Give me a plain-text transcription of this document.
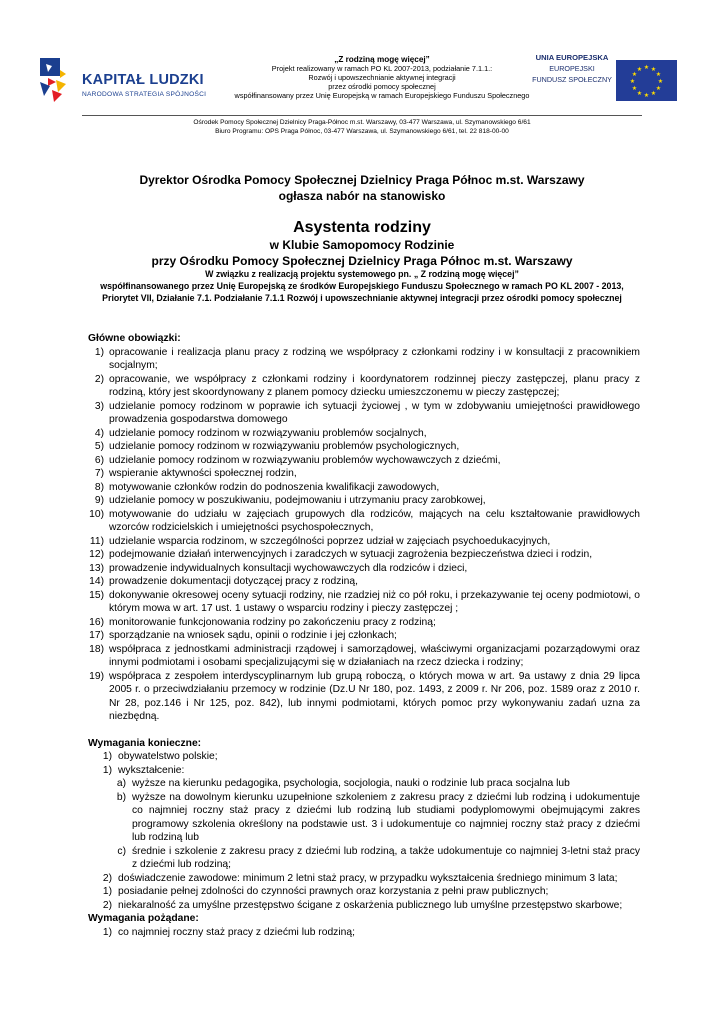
KAPITAŁ LUDZKI
NARODOWA STRATEGIA SPÓJNOŚCI
„Z rodziną mogę więcej”
Projekt realizowany w ramach PO KL 2007-2013, podziałanie 7.1.1.:
Rozwój i upowszechnianie aktywnej integracji
przez ośrodki pomocy społecznej
współfinansowany przez Unię Europejską w ramach Europejskiego Funduszu Społecznego
UNIA EUROPEJSKA
EUROPEJSKI
FUNDUSZ SPOŁECZNY
★ ★
★
★
★
★
★
★
★
★
★
★
Ośrodek Pomocy Społecznej Dzielnicy Praga-Północ m.st. Warszawy, 03-477 Warszawa, ul. Szymanowskiego 6/61
Biuro Programu: OPS Praga Północ, 03-477 Warszawa, ul. Szymanowskiego 6/61, tel. 22 818-00-00
Dyrektor Ośrodka Pomocy Społecznej Dzielnicy Praga Północ m.st. Warszawy
ogłasza nabór na stanowisko
Asystenta rodziny
w Klubie Samopomocy Rodzinie
przy Ośrodku Pomocy Społecznej Dzielnicy Praga Północ m.st. Warszawy
W związku z realizacją projektu systemowego pn. „ Z rodziną mogę więcej”
współfinansowanego przez Unię Europejską ze środków Europejskiego Funduszu Społecznego w ramach PO KL 2007 - 2013,
Priorytet VII, Działanie 7.1. Podziałanie 7.1.1 Rozwój i upowszechnianie aktywnej integracji przez ośrodki pomocy społecznej

Główne obowiązki:

1) opracowanie i realizacja planu pracy z rodziną we współpracy z członkami rodziny i w konsultacji z pracownikiem socjalnym;
2) opracowanie, we współpracy z członkami rodziny i koordynatorem rodzinnej pieczy zastępczej, planu pracy z rodziną, który jest skoordynowany z planem pomocy dziecku umieszczonemu w pieczy zastępczej;
3) udzielanie pomocy rodzinom w poprawie ich sytuacji życiowej , w tym w zdobywaniu umiejętności prawidłowego prowadzenia gospodarstwa domowego
4) udzielanie pomocy rodzinom w rozwiązywaniu problemów socjalnych,
5) udzielanie pomocy rodzinom w rozwiązywaniu problemów psychologicznych,
6) udzielanie pomocy rodzinom w rozwiązywaniu problemów wychowawczych z dziećmi,
7) wspieranie aktywności społecznej rodzin,
8) motywowanie członków rodzin do podnoszenia kwalifikacji zawodowych,
9) udzielanie pomocy w poszukiwaniu, podejmowaniu i utrzymaniu pracy zarobkowej,
10) motywowanie do udziału w zajęciach grupowych dla rodziców, mających na celu kształtowanie prawidłowych wzorców rodzicielskich i umiejętności psychospołecznych,
11) udzielanie wsparcia rodzinom, w szczególności poprzez udział w zajęciach psychoedukacyjnych,
12) podejmowanie działań interwencyjnych i zaradczych w sytuacji zagrożenia bezpieczeństwa dzieci i rodzin,
13) prowadzenie indywidualnych konsultacji wychowawczych dla rodziców i dzieci,
14) prowadzenie dokumentacji dotyczącej pracy z rodziną,
15) dokonywanie okresowej oceny sytuacji rodziny, nie rzadziej niż co pół roku, i przekazywanie tej oceny podmiotowi, o którym mowa w art. 17 ust. 1 ustawy o wsparciu rodziny i pieczy zastępczej ;
16) monitorowanie funkcjonowania rodziny po zakończeniu pracy z rodziną;
17) sporządzanie na wniosek sądu, opinii o rodzinie i jej członkach;
18) współpraca z jednostkami administracji rządowej i samorządowej, właściwymi organizacjami pozarządowymi oraz innymi podmiotami i osobami specjalizującymi się w działaniach na rzecz dziecka i rodziny;
19) współpraca z zespołem interdyscyplinarnym lub grupą roboczą, o których mowa w art. 9a ustawy z dnia 29 lipca 2005 r. o przeciwdziałaniu przemocy w rodzinie (Dz.U Nr 180, poz. 1493, z 2009 r. Nr 206, poz. 1589 oraz z 2010 r. Nr 28, poz.146 i Nr 125, poz. 842), lub innymi podmiotami, których pomoc przy wykonywaniu zadań uzna za niezbędną.

Wymagania konieczne:

1) obywatelstwo polskie;
1) wykształcenie:
a) wyższe na kierunku pedagogika, psychologia, socjologia, nauki o rodzinie lub praca socjalna lub
b) wyższe na dowolnym kierunku uzupełnione szkoleniem z zakresu pracy z dziećmi lub rodziną i udokumentuje co najmniej roczny staż pracy z dziećmi lub rodziną lub studiami podyplomowymi obejmującymi zakres programowy szkolenia określony na podstawie ust. 3 i udokumentuje co najmniej roczny staż pracy z dziećmi lub rodziną lub
c) średnie i szkolenie z zakresu pracy z dziećmi lub rodziną, a także udokumentuje co najmniej 3-letni staż pracy z dziećmi lub rodziną;
2) doświadczenie zawodowe: minimum 2 letni staż pracy, w przypadku wykształcenia średniego minimum 3 lata;
1) posiadanie pełnej zdolności do czynności prawnych oraz korzystania z pełni praw publicznych;
2) niekaralność za umyślne przestępstwo ścigane z oskarżenia publicznego lub umyślne przestępstwo skarbowe;

Wymagania pożądane:

1) co najmniej roczny staż pracy z dziećmi lub rodziną;
